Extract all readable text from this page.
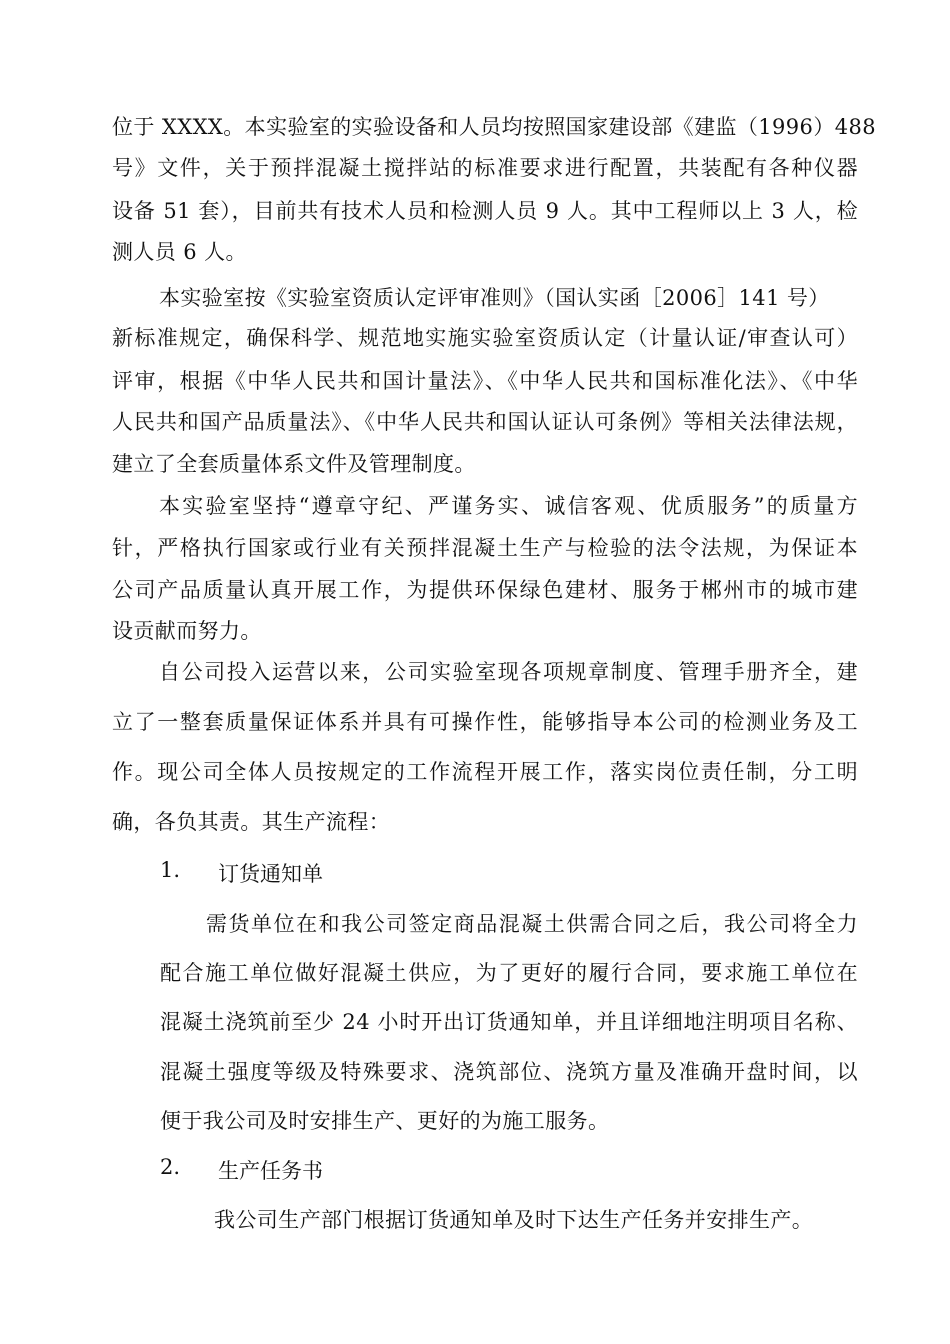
位于 XXXX。本实验室的实验设备和人员均按照国家建设部《建监（1996）488
号》文件，关于预拌混凝土搅拌站的标准要求进行配置，共装配有各种仪器
设备 51 套），目前共有技术人员和检测人员 9 人。其中工程师以上 3 人，检
测人员 6 人。
本实验室按《实验室资质认定评审准则》（国认实函［2006］141 号）
新标准规定，确保科学、规范地实施实验室资质认定（计量认证/审查认可）
评审，根据《中华人民共和国计量法》、《中华人民共和国标准化法》、《中华
人民共和国产品质量法》、《中华人民共和国认证认可条例》等相关法律法规，
建立了全套质量体系文件及管理制度。
本实验室坚持“遵章守纪、严谨务实、诚信客观、优质服务”的质量方
针，严格执行国家或行业有关预拌混凝土生产与检验的法令法规，为保证本
公司产品质量认真开展工作，为提供环保绿色建材、服务于郴州市的城市建
设贡献而努力。
自公司投入运营以来，公司实验室现各项规章制度、管理手册齐全，建
立了一整套质量保证体系并具有可操作性，能够指导本公司的检测业务及工
作。现公司全体人员按规定的工作流程开展工作，落实岗位责任制，分工明
确，各负其责。其生产流程：
1. 订货通知单
需货单位在和我公司签定商品混凝土供需合同之后，我公司将全力
配合施工单位做好混凝土供应，为了更好的履行合同，要求施工单位在
混凝土浇筑前至少 24 小时开出订货通知单，并且详细地注明项目名称、
混凝土强度等级及特殊要求、浇筑部位、浇筑方量及准确开盘时间，以
便于我公司及时安排生产、更好的为施工服务。
2. 生产任务书
我公司生产部门根据订货通知单及时下达生产任务并安排生产。
